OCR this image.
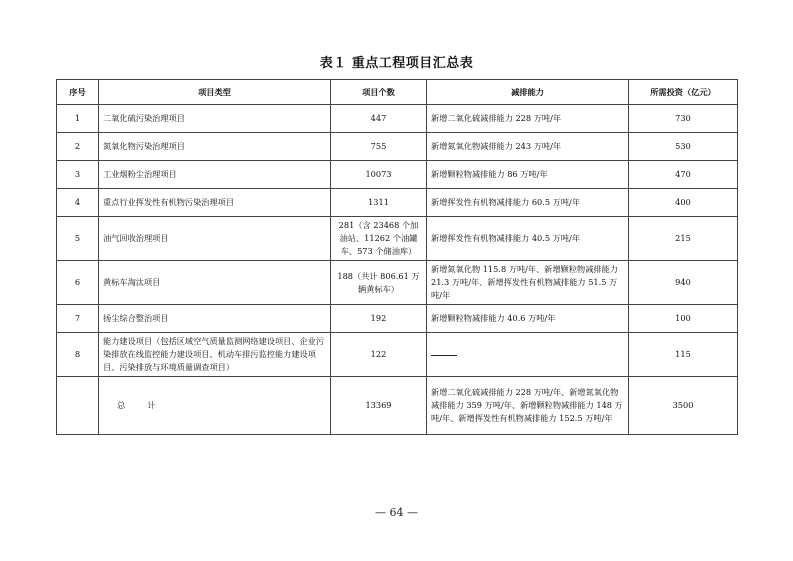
表１ 重点工程项目汇总表
序号	项目类型	项目个数	减排能力	所需投资（亿元）
1	二氧化硫污染治理项目	447	新增二氧化硫减排能力 228 万吨/年	730
2	氮氧化物污染治理项目	755	新增氮氧化物减排能力 243 万吨/年	530
3	工业烟粉尘治理项目	10073	新增颗粒物减排能力 86 万吨/年	470
4	重点行业挥发性有机物污染治理项目	1311	新增挥发性有机物减排能力 60.5 万吨/年	400
5	油气回收治理项目	281（含 23468 个加油站、11262 个油罐车、573 个储油库）	新增挥发性有机物减排能力 40.5 万吨/年	215
6	黄标车淘汰项目	188（共计 806.61 万辆黄标车）	新增氮氧化物 115.8 万吨/年、新增颗粒物减排能力 21.3 万吨/年、新增挥发性有机物减排能力 51.5 万吨/年	940
7	扬尘综合整治项目	192	新增颗粒物减排能力 40.6 万吨/年	100
8	能力建设项目（包括区域空气质量监测网络建设项目、企业污染排放在线监控能力建设项目、机动车排污监控能力建设项目、污染排放与环境质量调查项目）	122		115

	总 计	13369	新增二氧化硫减排能力 228 万吨/年、新增氮氧化物减排能力 359 万吨/年、新增颗粒物减排能力 148 万吨/年、新增挥发性有机物减排能力 152.5 万吨/年	3500
— 64 —
